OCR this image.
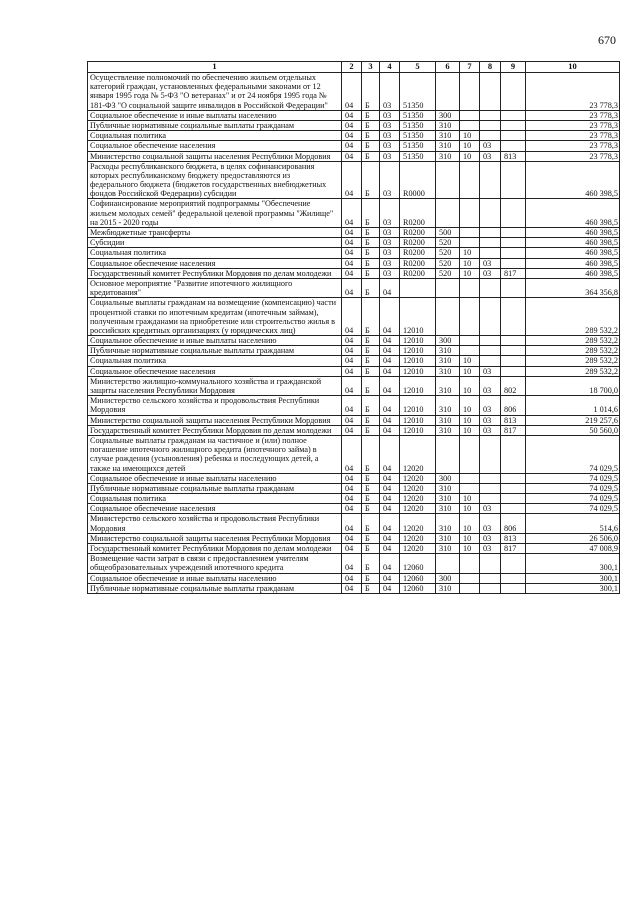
670
1	2	3	4	5	6	7	8	9	10
Осуществление полномочий по обеспечению жильем отдельных категорий граждан, установленных федеральными законами от 12 января 1995 года № 5-ФЗ "О ветеранах" и от 24 ноября 1995 года № 181-ФЗ "О социальной защите инвалидов в Российской Федерации"	04	Б	03	51350					23 778,3
Социальное обеспечение и иные выплаты населению	04	Б	03	51350	300				23 778,3
Публичные нормативные социальные выплаты гражданам	04	Б	03	51350	310				23 778,3
Социальная политика	04	Б	03	51350	310	10			23 778,3
Социальное обеспечение населения	04	Б	03	51350	310	10	03		23 778,3
Министерство социальной защиты населения Республики Мордовия	04	Б	03	51350	310	10	03	813	23 778,3
Расходы республиканского бюджета, в целях софинансирования которых республиканскому бюджету предоставляются из федерального бюджета (бюджетов государственных внебюджетных фондов Российской Федерации) субсидии	04	Б	03	R0000					460 398,5
Софинансирование мероприятий подпрограммы "Обеспечение жильем молодых семей" федеральной целевой программы "Жилище" на 2015 - 2020 годы	04	Б	03	R0200					460 398,5
Межбюджетные трансферты	04	Б	03	R0200	500				460 398,5
Субсидии	04	Б	03	R0200	520				460 398,5
Социальная политика	04	Б	03	R0200	520	10			460 398,5
Социальное обеспечение населения	04	Б	03	R0200	520	10	03		460 398,5
Государственный комитет Республики Мордовия по делам молодежи	04	Б	03	R0200	520	10	03	817	460 398,5
Основное мероприятие "Развитие ипотечного жилищного кредитования"	04	Б	04						364 356,8
Социальные выплаты гражданам на возмещение (компенсацию) части процентной ставки по ипотечным кредитам (ипотечным займам), полученным гражданами на приобретение или строительство жилья в российских кредитных организациях (у юридических лиц)	04	Б	04	12010					289 532,2
Социальное обеспечение и иные выплаты населению	04	Б	04	12010	300				289 532,2
Публичные нормативные социальные выплаты гражданам	04	Б	04	12010	310				289 532,2
Социальная политика	04	Б	04	12010	310	10			289 532,2
Социальное обеспечение населения	04	Б	04	12010	310	10	03		289 532,2
Министерство жилищно-коммунального хозяйства и гражданской защиты населения Республики Мордовия	04	Б	04	12010	310	10	03	802	18 700,0
Министерство сельского хозяйства и продовольствия Республики Мордовия	04	Б	04	12010	310	10	03	806	1 014,6
Министерство социальной защиты населения Республики Мордовия	04	Б	04	12010	310	10	03	813	219 257,6
Государственный комитет Республики Мордовия по делам молодежи	04	Б	04	12010	310	10	03	817	50 560,0
Социальные выплаты гражданам на частичное и (или) полное погашение ипотечного жилищного кредита (ипотечного займа) в случае рождения (усыновления) ребенка и последующих детей, а также на имеющихся детей	04	Б	04	12020					74 029,5
Социальное обеспечение и иные выплаты населению	04	Б	04	12020	300				74 029,5
Публичные нормативные социальные выплаты гражданам	04	Б	04	12020	310				74 029,5
Социальная политика	04	Б	04	12020	310	10			74 029,5
Социальное обеспечение населения	04	Б	04	12020	310	10	03		74 029,5
Министерство сельского хозяйства и продовольствия Республики Мордовия	04	Б	04	12020	310	10	03	806	514,6
Министерство социальной защиты населения Республики Мордовия	04	Б	04	12020	310	10	03	813	26 506,0
Государственный комитет Республики Мордовия по делам молодежи	04	Б	04	12020	310	10	03	817	47 008,9
Возмещение части затрат в связи с предоставлением учителям общеобразовательных учреждений ипотечного кредита	04	Б	04	12060					300,1
Социальное обеспечение и иные выплаты населению	04	Б	04	12060	300				300,1
Публичные нормативные социальные выплаты гражданам	04	Б	04	12060	310				300,1
